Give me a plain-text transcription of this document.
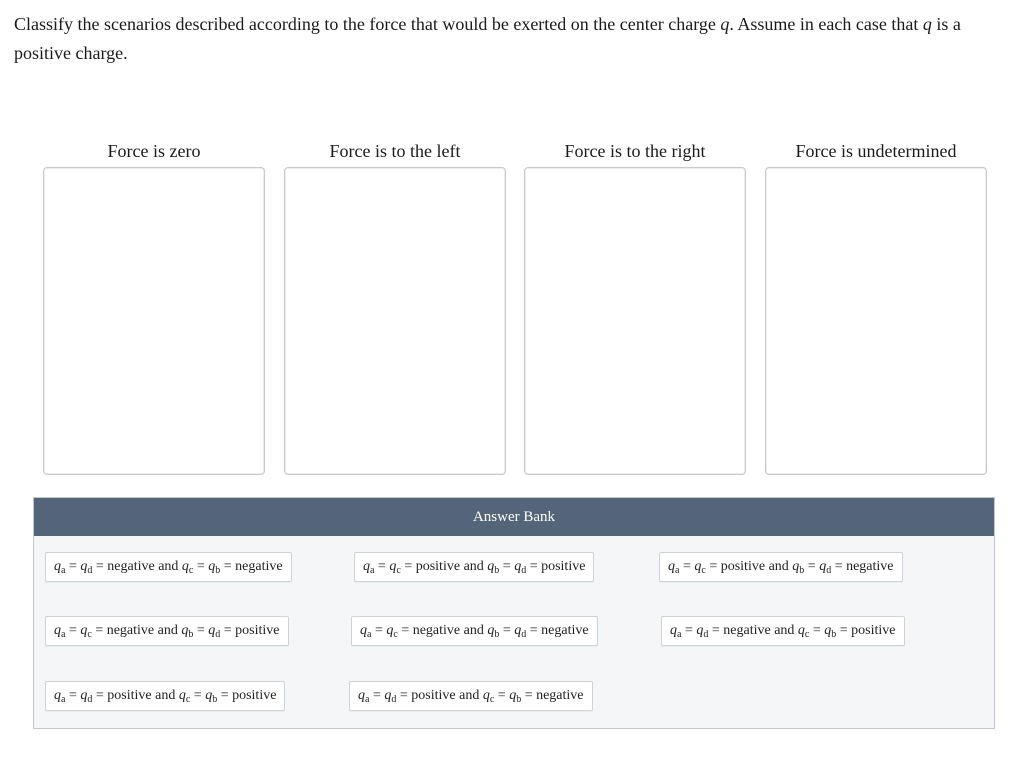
Classify the scenarios described according to the force that would be exerted on the center charge q. Assume in each case that q is a positive charge.

Force is zero	Force is to the left	Force is to the right	Force is undetermined
Answer Bank
$q_a = q_d$ = negative and $q_c = q_b$ = negative	$q_a = q_c$ = positive and $q_b = q_d$ = positive	$q_a = q_c$ = positive and $q_b = q_d$ = negative
$q_a = q_c$ = negative and $q_b = q_d$ = positive	$q_a = q_c$ = negative and $q_b = q_d$ = negative	$q_a = q_d$ = negative and $q_c = q_b$ = positive
$q_a = q_d$ = positive and $q_c = q_b$ = positive	$q_a = q_d$ = positive and $q_c = q_b$ = negative
